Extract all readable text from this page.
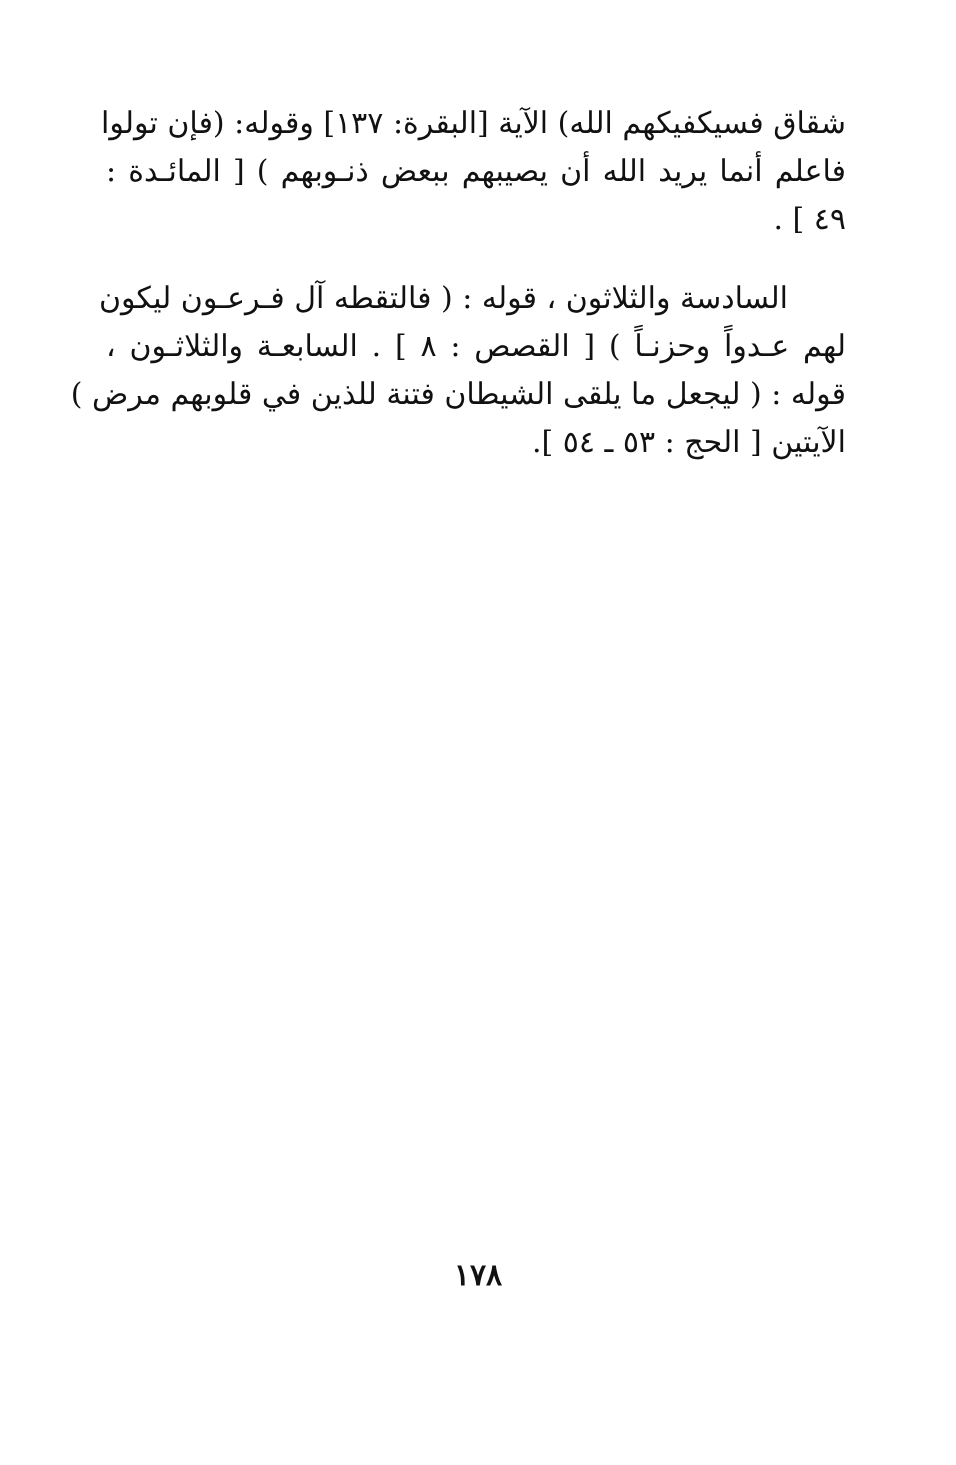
شقاق فسيكفيكهم الله) الآية [البقرة: ١٣٧] وقوله: (فإن تولوا
فاعلم أنما يريد الله أن يصيبهم ببعض ذنـوبهم ) [ المائـدة :
٤٩ ] .
السادسة والثلاثون ، قوله : ( فالتقطه آل فـرعـون ليكون
لهم عـدواً وحزنـاً ) [ القصص : ٨ ] . السابعـة والثلاثـون ،
قوله : ( ليجعل ما يلقى الشيطان فتنة للذين في قلوبهم مرض )
الآيتين [ الحج : ٥٣ ـ ٥٤ ].
١٧٨
